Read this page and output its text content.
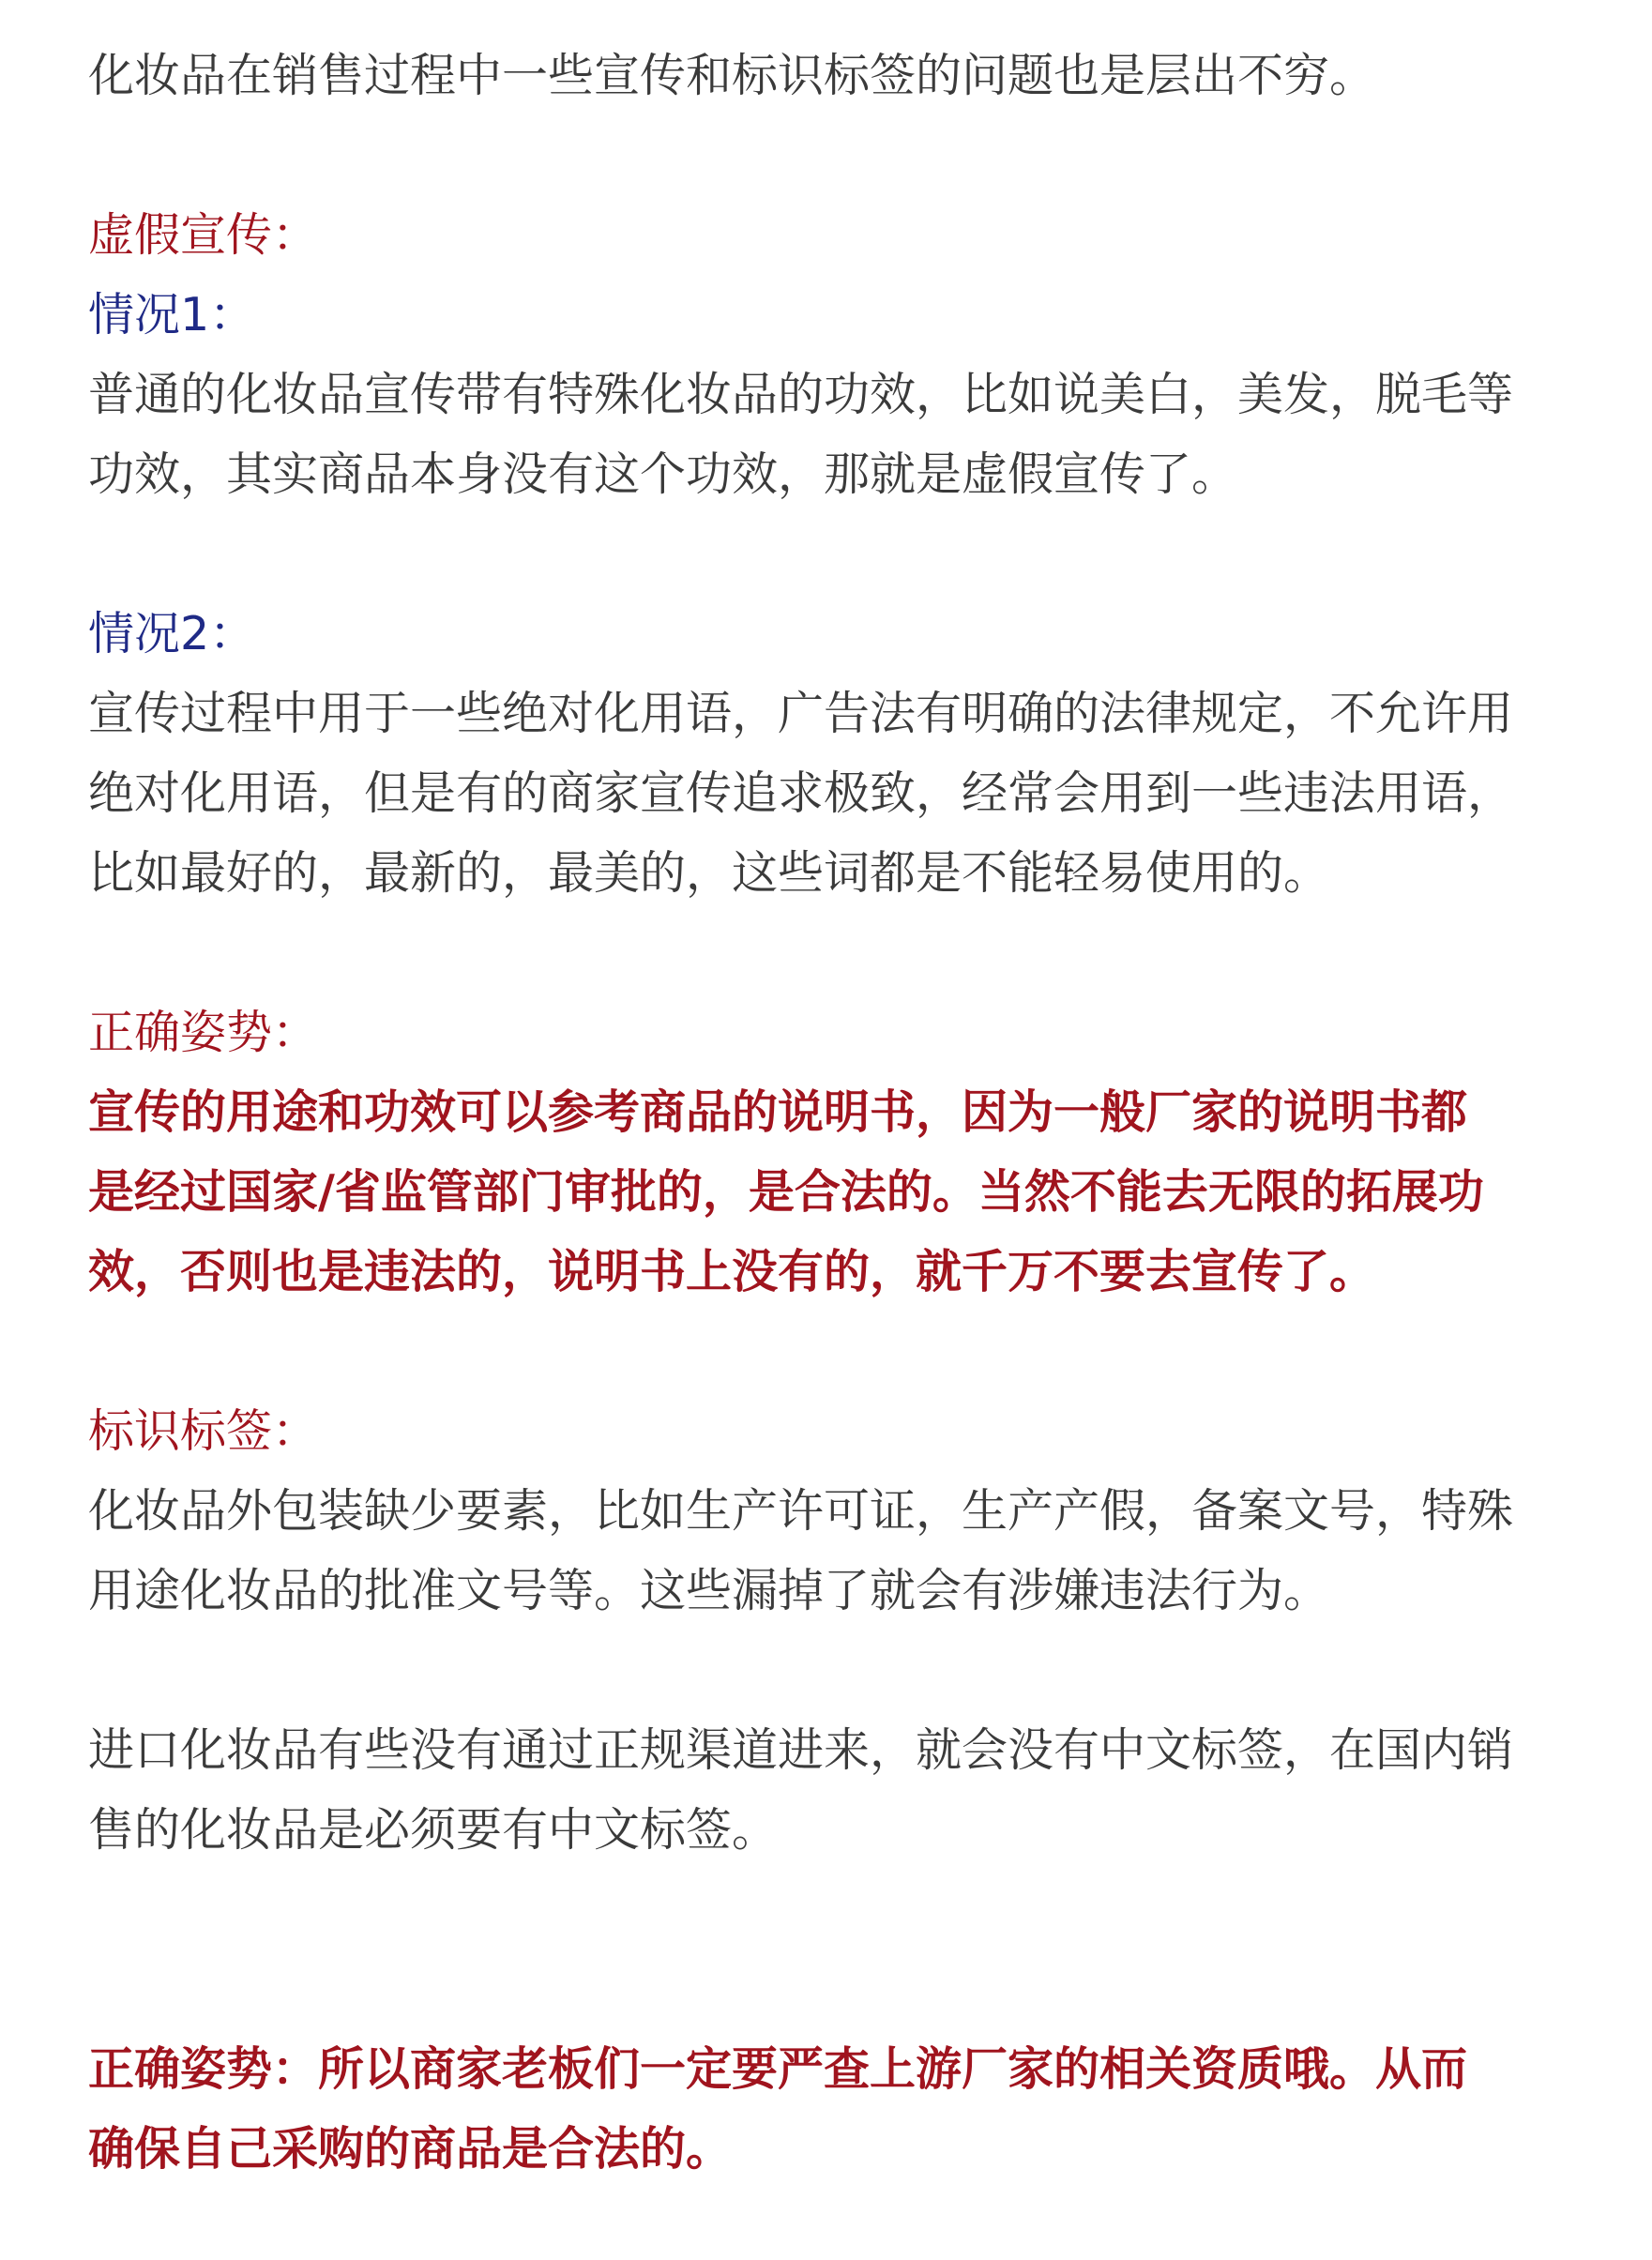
化妆品在销售过程中一些宣传和标识标签的问题也是层出不穷。

虚假宣传：

情况1：

普通的化妆品宣传带有特殊化妆品的功效，比如说美白，美发，脱毛等

功效，其实商品本身没有这个功效，那就是虚假宣传了。

情况2：

宣传过程中用于一些绝对化用语，广告法有明确的法律规定，不允许用

绝对化用语，但是有的商家宣传追求极致，经常会用到一些违法用语，

比如最好的，最新的，最美的，这些词都是不能轻易使用的。

正确姿势：

宣传的用途和功效可以参考商品的说明书，因为一般厂家的说明书都

是经过国家/省监管部门审批的，是合法的。当然不能去无限的拓展功

效，否则也是违法的，说明书上没有的，就千万不要去宣传了。

标识标签：

化妆品外包装缺少要素，比如生产许可证，生产产假，备案文号，特殊

用途化妆品的批准文号等。这些漏掉了就会有涉嫌违法行为。

进口化妆品有些没有通过正规渠道进来，就会没有中文标签，在国内销

售的化妆品是必须要有中文标签。

正确姿势：所以商家老板们一定要严查上游厂家的相关资质哦。从而

确保自己采购的商品是合法的。
